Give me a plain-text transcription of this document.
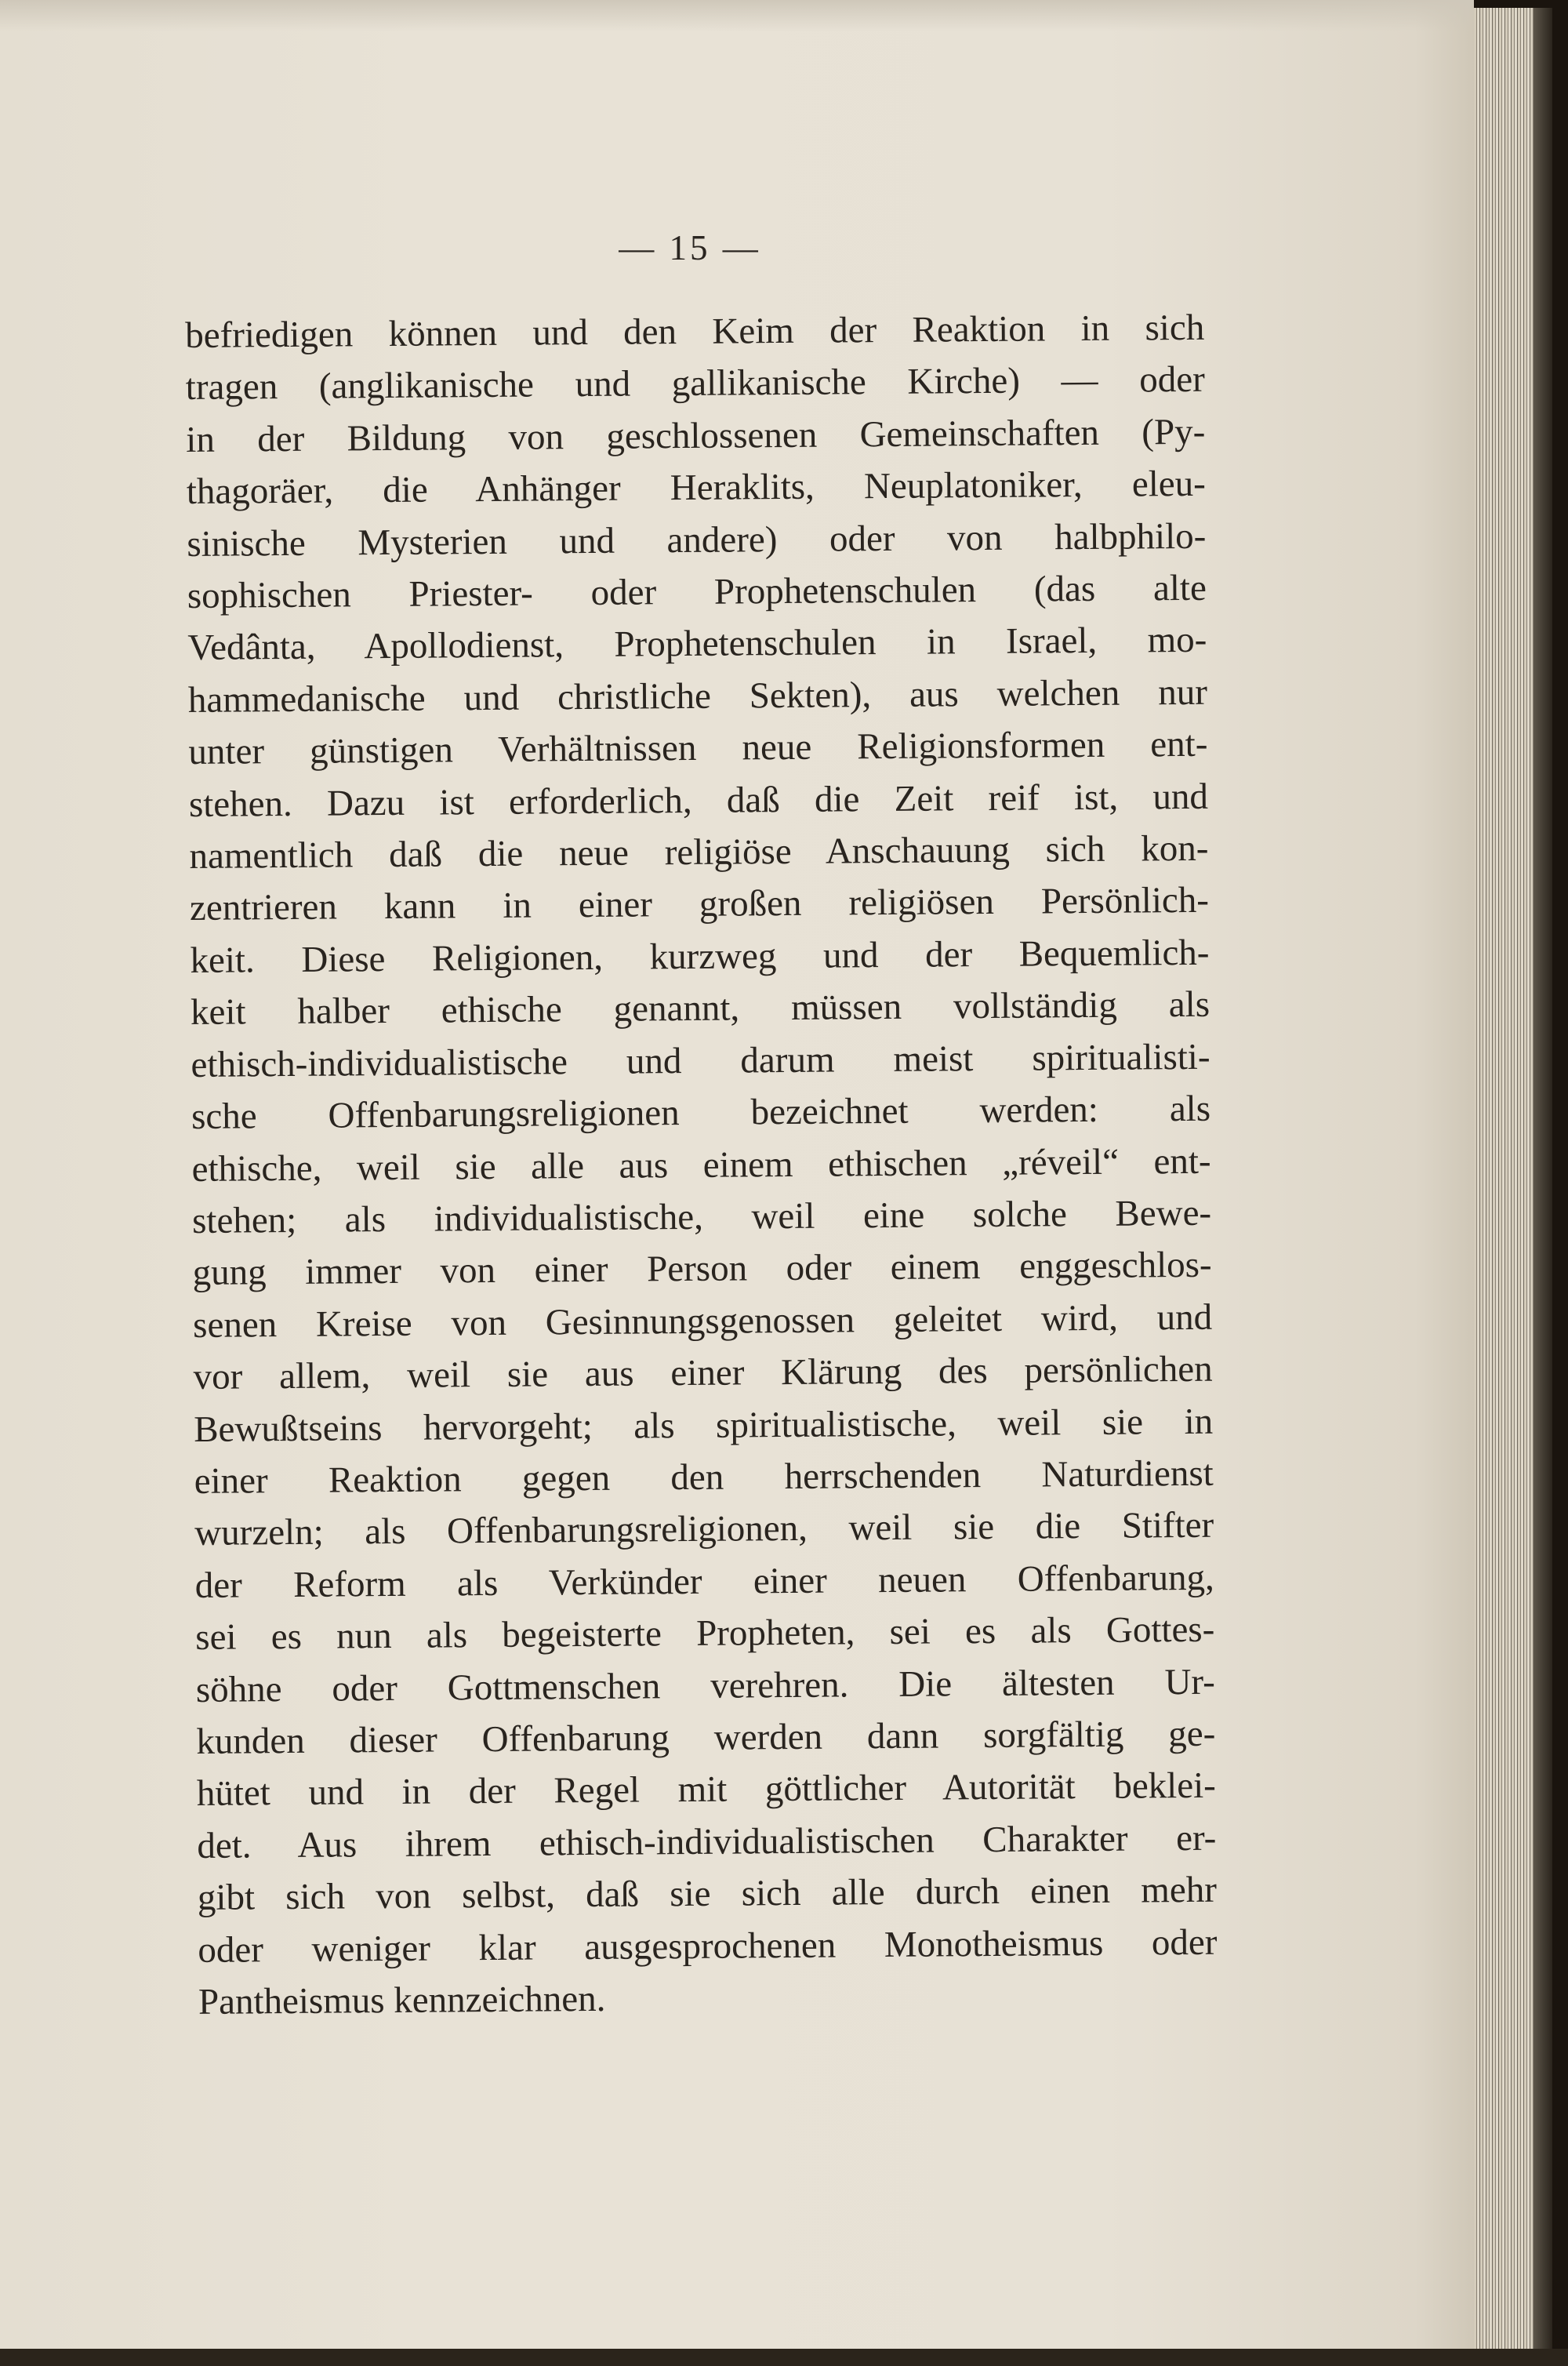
— 15 —

befriedigen können und den Keim der Reaktion in sich
tragen (anglikanische und gallikanische Kirche) — oder
in der Bildung von geschlossenen Gemeinschaften (Py-
thagoräer, die Anhänger Heraklits, Neuplatoniker, eleu-
sinische Mysterien und andere) oder von halbphilo-
sophischen Priester- oder Prophetenschulen (das alte
Vedânta, Apollodienst, Prophetenschulen in Israel, mo-
hammedanische und christliche Sekten), aus welchen nur
unter günstigen Verhältnissen neue Religionsformen ent-
stehen. Dazu ist erforderlich, daß die Zeit reif ist, und
namentlich daß die neue religiöse Anschauung sich kon-
zentrieren kann in einer großen religiösen Persönlich-
keit. Diese Religionen, kurzweg und der Bequemlich-
keit halber ethische genannt, müssen vollständig als
ethisch-individualistische und darum meist spiritualisti-
sche Offenbarungsreligionen bezeichnet werden: als
ethische, weil sie alle aus einem ethischen „réveil“ ent-
stehen; als individualistische, weil eine solche Bewe-
gung immer von einer Person oder einem enggeschlos-
senen Kreise von Gesinnungsgenossen geleitet wird, und
vor allem, weil sie aus einer Klärung des persönlichen
Bewußtseins hervorgeht; als spiritualistische, weil sie in
einer Reaktion gegen den herrschenden Naturdienst
wurzeln; als Offenbarungsreligionen, weil sie die Stifter
der Reform als Verkünder einer neuen Offenbarung,
sei es nun als begeisterte Propheten, sei es als Gottes-
söhne oder Gottmenschen verehren. Die ältesten Ur-
kunden dieser Offenbarung werden dann sorgfältig ge-
hütet und in der Regel mit göttlicher Autorität beklei-
det. Aus ihrem ethisch-individualistischen Charakter er-
gibt sich von selbst, daß sie sich alle durch einen mehr
oder weniger klar ausgesprochenen Monotheismus oder
Pantheismus kennzeichnen.
